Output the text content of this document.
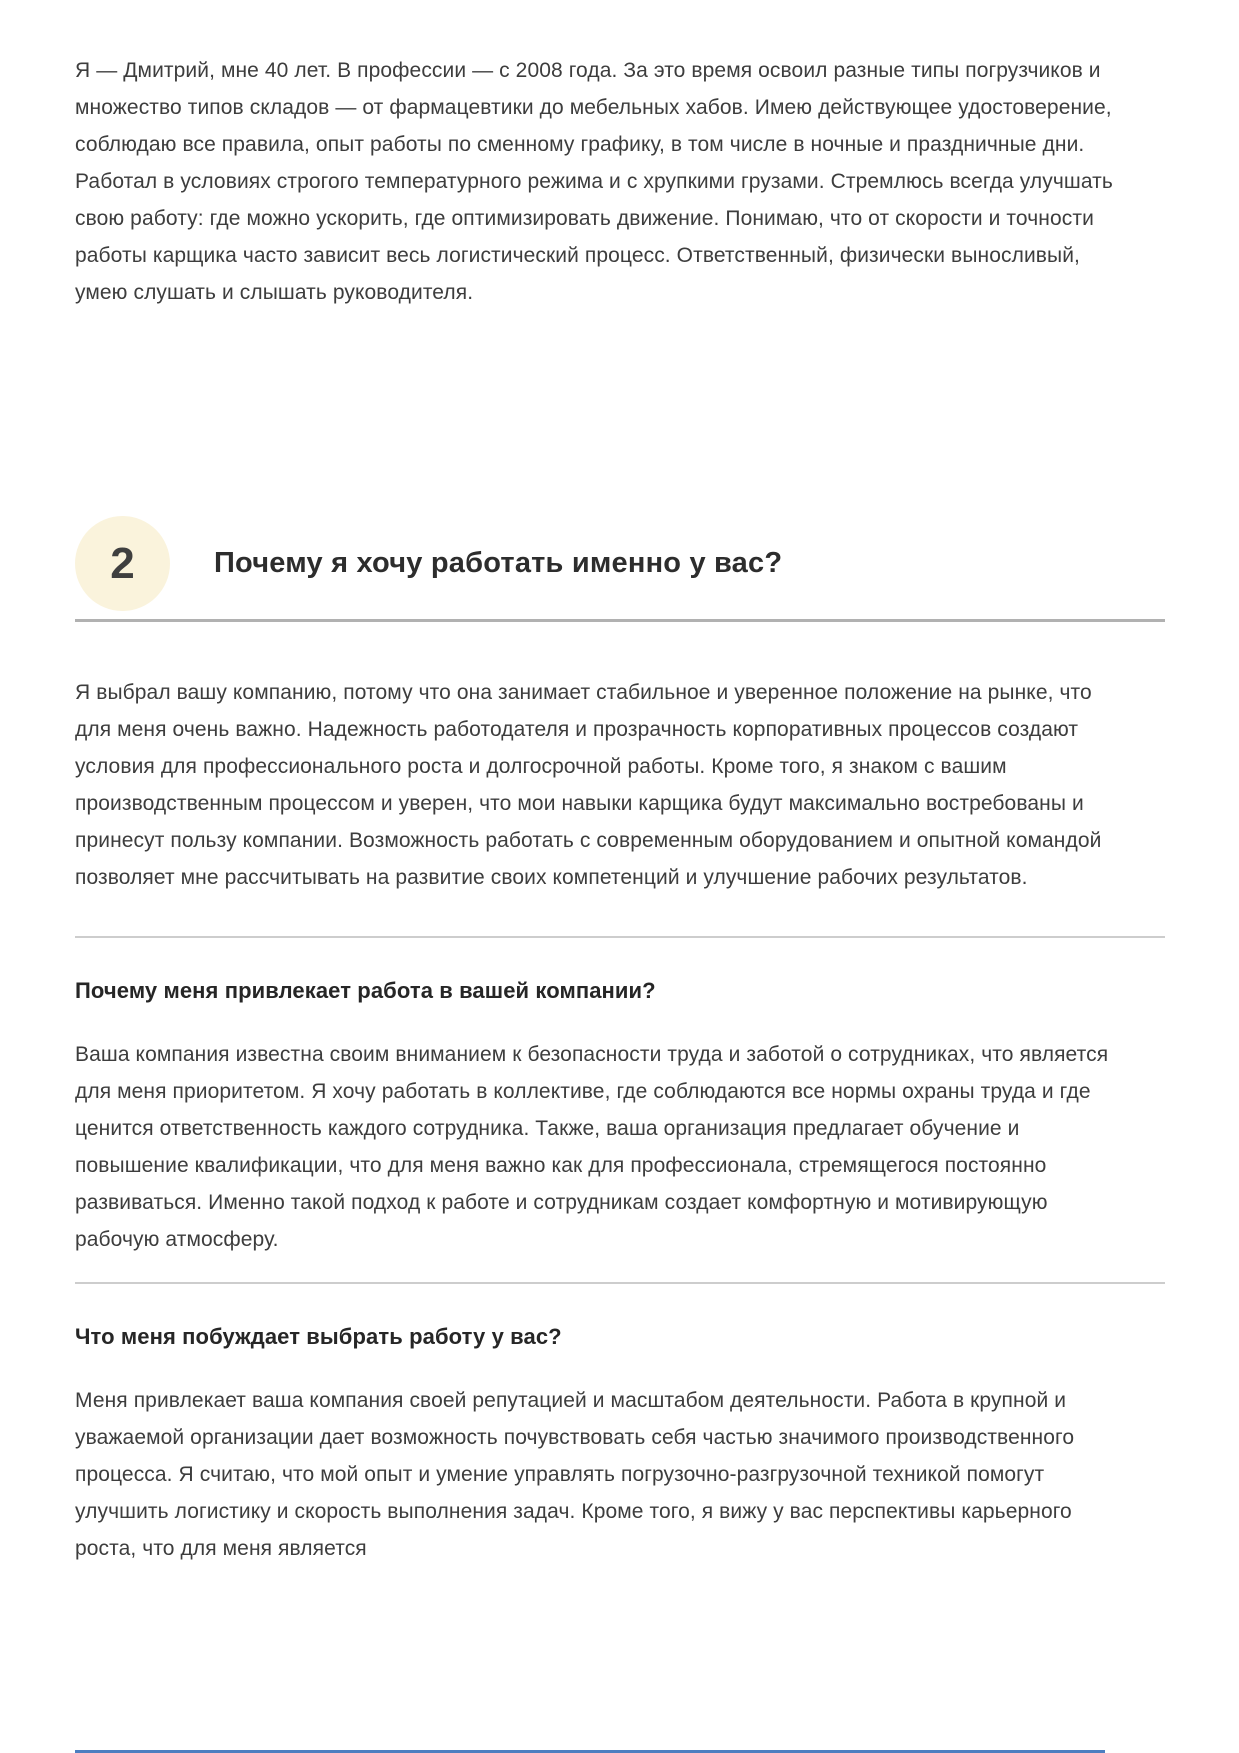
Я — Дмитрий, мне 40 лет. В профессии — с 2008 года. За это время освоил разные типы погрузчиков и множество типов складов — от фармацевтики до мебельных хабов. Имею действующее удостоверение, соблюдаю все правила, опыт работы по сменному графику, в том числе в ночные и праздничные дни. Работал в условиях строгого температурного режима и с хрупкими грузами. Стремлюсь всегда улучшать свою работу: где можно ускорить, где оптимизировать движение. Понимаю, что от скорости и точности работы карщика часто зависит весь логистический процесс. Ответственный, физически выносливый, умею слушать и слышать руководителя.

2	Почему я хочу работать именно у вас?

Я выбрал вашу компанию, потому что она занимает стабильное и уверенное положение на рынке, что для меня очень важно. Надежность работодателя и прозрачность корпоративных процессов создают условия для профессионального роста и долгосрочной работы. Кроме того, я знаком с вашим производственным процессом и уверен, что мои навыки карщика будут максимально востребованы и принесут пользу компании. Возможность работать с современным оборудованием и опытной командой позволяет мне рассчитывать на развитие своих компетенций и улучшение рабочих результатов.

Почему меня привлекает работа в вашей компании?

Ваша компания известна своим вниманием к безопасности труда и заботой о сотрудниках, что является для меня приоритетом. Я хочу работать в коллективе, где соблюдаются все нормы охраны труда и где ценится ответственность каждого сотрудника. Также, ваша организация предлагает обучение и повышение квалификации, что для меня важно как для профессионала, стремящегося постоянно развиваться. Именно такой подход к работе и сотрудникам создает комфортную и мотивирующую рабочую атмосферу.

Что меня побуждает выбрать работу у вас?

Меня привлекает ваша компания своей репутацией и масштабом деятельности. Работа в крупной и уважаемой организации дает возможность почувствовать себя частью значимого производственного процесса. Я считаю, что мой опыт и умение управлять погрузочно-разгрузочной техникой помогут улучшить логистику и скорость выполнения задач. Кроме того, я вижу у вас перспективы карьерного роста, что для меня является
